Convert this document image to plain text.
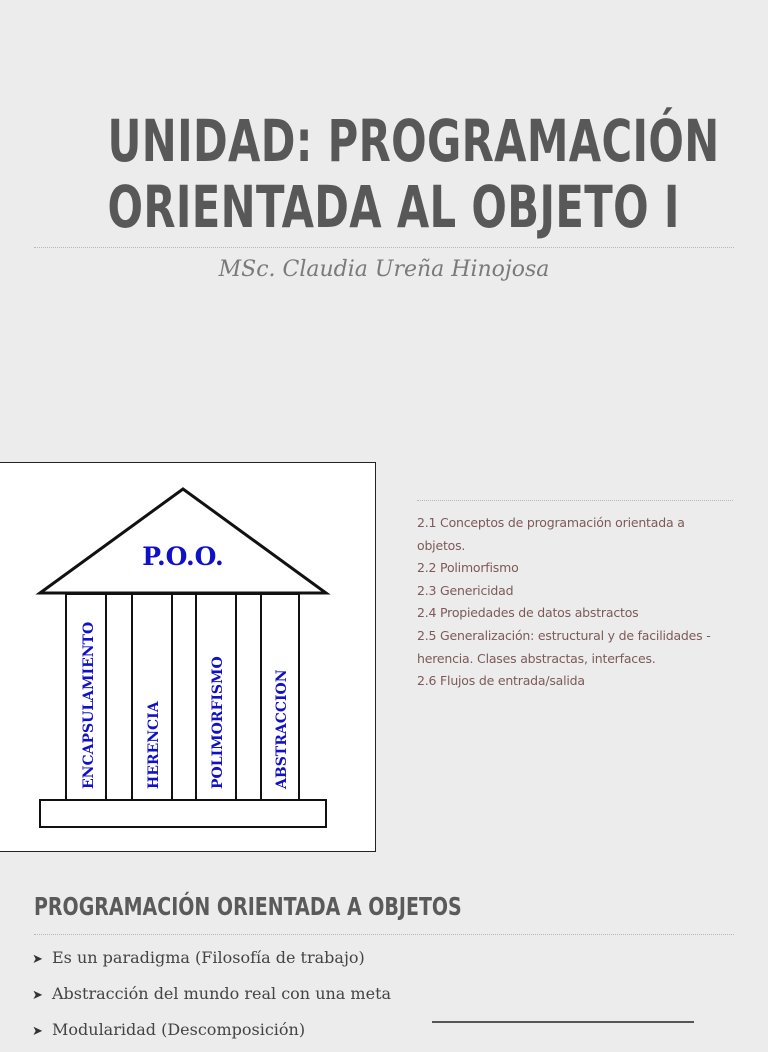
UNIDAD: PROGRAMACIÓN
ORIENTADA AL OBJETO I
MSc. Claudia Ureña Hinojosa
P.O.O.
ENCAPSULAMIENTO	HERENCIA	POLIMORFISMO	ABSTRACCION
2.1 Conceptos de programación orientada a
objetos.
2.2 Polimorfismo
2.3 Genericidad
2.4 Propiedades de datos abstractos
2.5 Generalización: estructural y de facilidades -
herencia. Clases abstractas, interfaces.
2.6 Flujos de entrada/salida
PROGRAMACIÓN ORIENTADA A OBJETOS
➤ Es un paradigma (Filosofía de trabajo)
➤ Abstracción del mundo real con una meta
➤ Modularidad (Descomposición)
